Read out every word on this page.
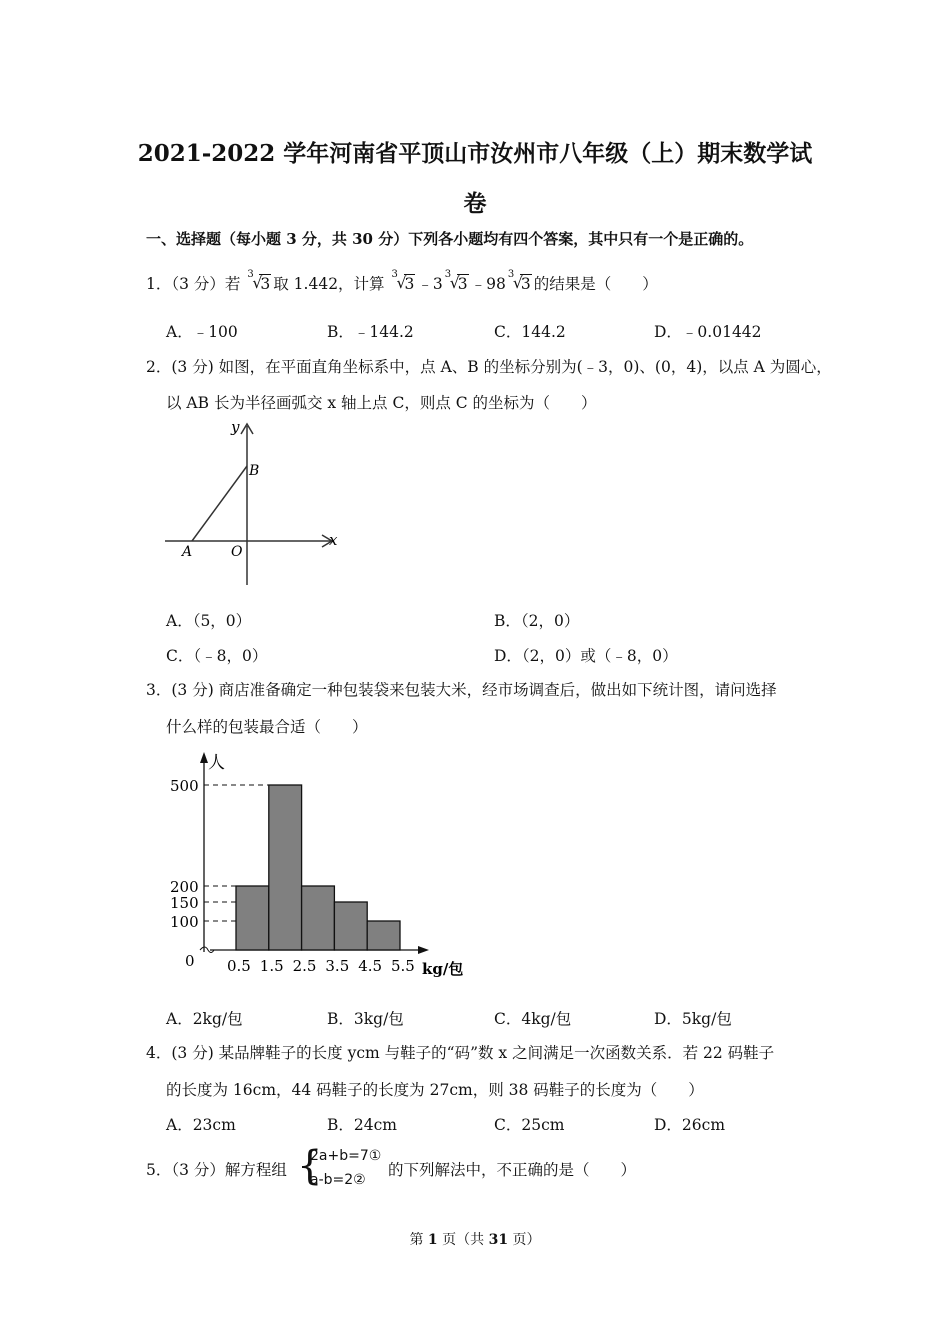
2021-2022 学年河南省平顶山市汝州市八年级（上）期末数学试
卷
一、选择题（每小题 3 分，共 30 分）下列各小题均有四个答案，其中只有一个是正确的。
1．（3 分）若
3
√ 3 取 1.442，计算
3
√ 3 ﹣3
3
√ 3 ﹣98
3
√ 3 的结果是（　　）
A．﹣100	B．﹣144.2	C．144.2	D．﹣0.01442
2．(3 分) 如图，在平面直角坐标系中，点 A、B 的坐标分别为(﹣3，0)、(0，4)，以点 A 为圆心，
以 AB 长为半径画弧交 x 轴上点 C，则点 C 的坐标为（　　）
y
x
B
A	O
A．（5，0）	B．（2，0）
C．（﹣8，0）	D．（2，0）或（﹣8，0）
3．(3 分) 商店准备确定一种包装袋来包装大米，经市场调查后，做出如下统计图，请问选择
什么样的包装最合适（　　）
人
kg/包
0.5 1.5 2.5 3.5 4.5 5.5
500
200
150
100
0
A．2kg/包	B．3kg/包	C．4kg/包	D．5kg/包
4．(3 分) 某品牌鞋子的长度 ycm 与鞋子的“码”数 x 之间满足一次函数关系．若 22 码鞋子
的长度为 16cm，44 码鞋子的长度为 27cm，则 38 码鞋子的长度为（　　）
A．23cm	B．24cm	C．25cm	D．26cm
5．（3 分）解方程组 {
2a+b=7①
a-b=2②
的下列解法中，不正确的是（　　）
第 1 页（共 31 页）
